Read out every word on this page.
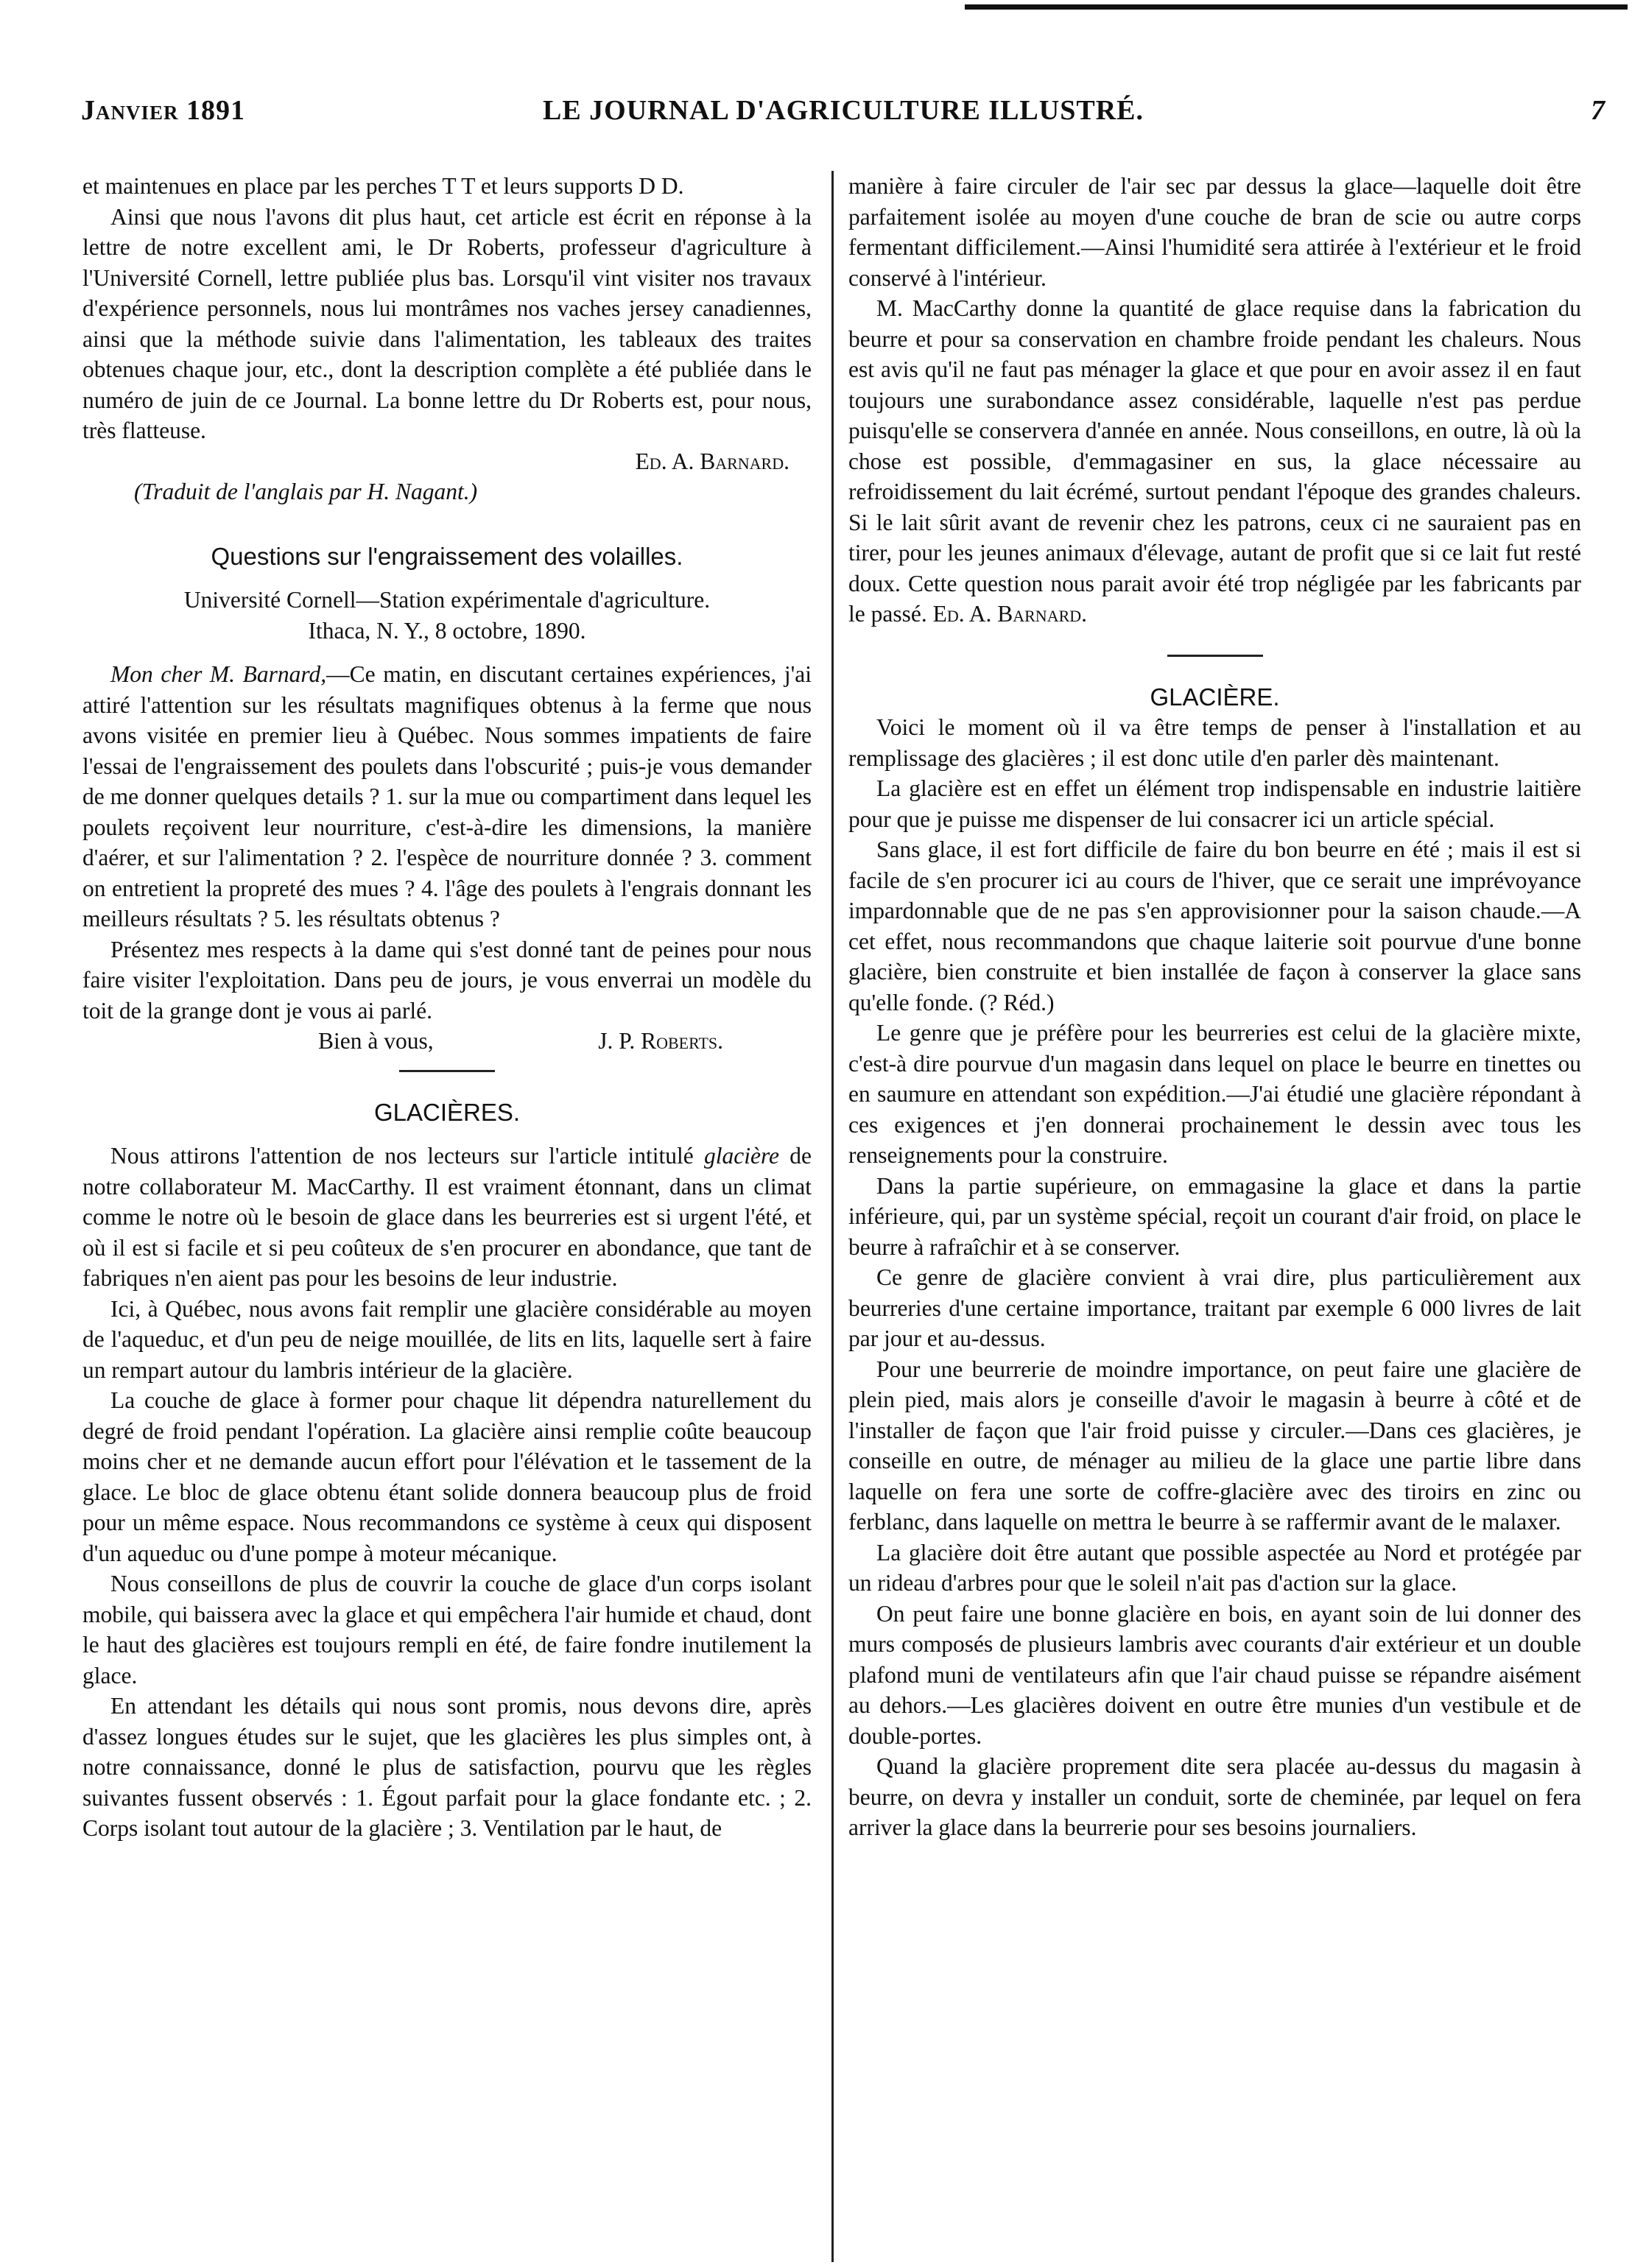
Janvier 1891	LE JOURNAL D'AGRICULTURE ILLUSTRÉ.	7

et maintenues en place par les perches T T et leurs supports D D.

Ainsi que nous l'avons dit plus haut, cet article est écrit en réponse à la lettre de notre excellent ami, le Dr Roberts, professeur d'agriculture à l'Université Cornell, lettre publiée plus bas. Lorsqu'il vint visiter nos travaux d'expérience personnels, nous lui montrâmes nos vaches jersey canadiennes, ainsi que la méthode suivie dans l'alimentation, les tableaux des traites obtenues chaque jour, etc., dont la description complète a été publiée dans le numéro de juin de ce Journal. La bonne lettre du Dr Roberts est, pour nous, très flatteuse.

Ed. A. Barnard.

(Traduit de l'anglais par H. Nagant.)

Questions sur l'engraissement des volailles.

Université Cornell—Station expérimentale d'agriculture.

Ithaca, N. Y., 8 octobre, 1890.

Mon cher M. Barnard,—Ce matin, en discutant certaines expériences, j'ai attiré l'attention sur les résultats magnifiques obtenus à la ferme que nous avons visitée en premier lieu à Québec. Nous sommes impatients de faire l'essai de l'engraissement des poulets dans l'obscurité ; puis-je vous demander de me donner quelques details ? 1. sur la mue ou compartiment dans lequel les poulets reçoivent leur nourriture, c'est-à-dire les dimensions, la manière d'aérer, et sur l'alimentation ? 2. l'espèce de nourriture donnée ? 3. comment on entretient la propreté des mues ? 4. l'âge des poulets à l'engrais donnant les meilleurs résultats ? 5. les résultats obtenus ?

Présentez mes respects à la dame qui s'est donné tant de peines pour nous faire visiter l'exploitation. Dans peu de jours, je vous enverrai un modèle du toit de la grange dont je vous ai parlé.

Bien à vous,	J. P. Roberts.

GLACIÈRES.

Nous attirons l'attention de nos lecteurs sur l'article intitulé glacière de notre collaborateur M. MacCarthy. Il est vraiment étonnant, dans un climat comme le notre où le besoin de glace dans les beurreries est si urgent l'été, et où il est si facile et si peu coûteux de s'en procurer en abondance, que tant de fabriques n'en aient pas pour les besoins de leur industrie.

Ici, à Québec, nous avons fait remplir une glacière considérable au moyen de l'aqueduc, et d'un peu de neige mouillée, de lits en lits, laquelle sert à faire un rempart autour du lambris intérieur de la glacière.

La couche de glace à former pour chaque lit dépendra naturellement du degré de froid pendant l'opération. La glacière ainsi remplie coûte beaucoup moins cher et ne demande aucun effort pour l'élévation et le tassement de la glace. Le bloc de glace obtenu étant solide donnera beaucoup plus de froid pour un même espace. Nous recommandons ce système à ceux qui disposent d'un aqueduc ou d'une pompe à moteur mécanique.

Nous conseillons de plus de couvrir la couche de glace d'un corps isolant mobile, qui baissera avec la glace et qui empêchera l'air humide et chaud, dont le haut des glacières est toujours rempli en été, de faire fondre inutilement la glace.

En attendant les détails qui nous sont promis, nous devons dire, après d'assez longues études sur le sujet, que les glacières les plus simples ont, à notre connaissance, donné le plus de satisfaction, pourvu que les règles suivantes fussent observés : 1. Égout parfait pour la glace fondante etc. ; 2. Corps isolant tout autour de la glacière ; 3. Ventilation par le haut, de

manière à faire circuler de l'air sec par dessus la glace—laquelle doit être parfaitement isolée au moyen d'une couche de bran de scie ou autre corps fermentant difficilement.—Ainsi l'humidité sera attirée à l'extérieur et le froid conservé à l'intérieur.

M. MacCarthy donne la quantité de glace requise dans la fabrication du beurre et pour sa conservation en chambre froide pendant les chaleurs. Nous est avis qu'il ne faut pas ménager la glace et que pour en avoir assez il en faut toujours une surabondance assez considérable, laquelle n'est pas perdue puisqu'elle se conservera d'année en année. Nous conseillons, en outre, là où la chose est possible, d'emmagasiner en sus, la glace nécessaire au refroidissement du lait écrémé, surtout pendant l'époque des grandes chaleurs. Si le lait sûrit avant de revenir chez les patrons, ceux ci ne sauraient pas en tirer, pour les jeunes animaux d'élevage, autant de profit que si ce lait fut resté doux. Cette question nous parait avoir été trop négligée par les fabricants par le passé. Ed. A. Barnard.

GLACIÈRE.

Voici le moment où il va être temps de penser à l'installation et au remplissage des glacières ; il est donc utile d'en parler dès maintenant.

La glacière est en effet un élément trop indispensable en industrie laitière pour que je puisse me dispenser de lui consacrer ici un article spécial.

Sans glace, il est fort difficile de faire du bon beurre en été ; mais il est si facile de s'en procurer ici au cours de l'hiver, que ce serait une imprévoyance impardonnable que de ne pas s'en approvisionner pour la saison chaude.—A cet effet, nous recommandons que chaque laiterie soit pourvue d'une bonne glacière, bien construite et bien installée de façon à conserver la glace sans qu'elle fonde. (? Réd.)

Le genre que je préfère pour les beurreries est celui de la glacière mixte, c'est-à dire pourvue d'un magasin dans lequel on place le beurre en tinettes ou en saumure en attendant son expédition.—J'ai étudié une glacière répondant à ces exigences et j'en donnerai prochainement le dessin avec tous les renseignements pour la construire.

Dans la partie supérieure, on emmagasine la glace et dans la partie inférieure, qui, par un système spécial, reçoit un courant d'air froid, on place le beurre à rafraîchir et à se conserver.

Ce genre de glacière convient à vrai dire, plus particulièrement aux beurreries d'une certaine importance, traitant par exemple 6 000 livres de lait par jour et au-dessus.

Pour une beurrerie de moindre importance, on peut faire une glacière de plein pied, mais alors je conseille d'avoir le magasin à beurre à côté et de l'installer de façon que l'air froid puisse y circuler.—Dans ces glacières, je conseille en outre, de ménager au milieu de la glace une partie libre dans laquelle on fera une sorte de coffre-glacière avec des tiroirs en zinc ou ferblanc, dans laquelle on mettra le beurre à se raffermir avant de le malaxer.

La glacière doit être autant que possible aspectée au Nord et protégée par un rideau d'arbres pour que le soleil n'ait pas d'action sur la glace.

On peut faire une bonne glacière en bois, en ayant soin de lui donner des murs composés de plusieurs lambris avec courants d'air extérieur et un double plafond muni de ventilateurs afin que l'air chaud puisse se répandre aisément au dehors.—Les glacières doivent en outre être munies d'un vestibule et de double-portes.

Quand la glacière proprement dite sera placée au-dessus du magasin à beurre, on devra y installer un conduit, sorte de cheminée, par lequel on fera arriver la glace dans la beurrerie pour ses besoins journaliers.
